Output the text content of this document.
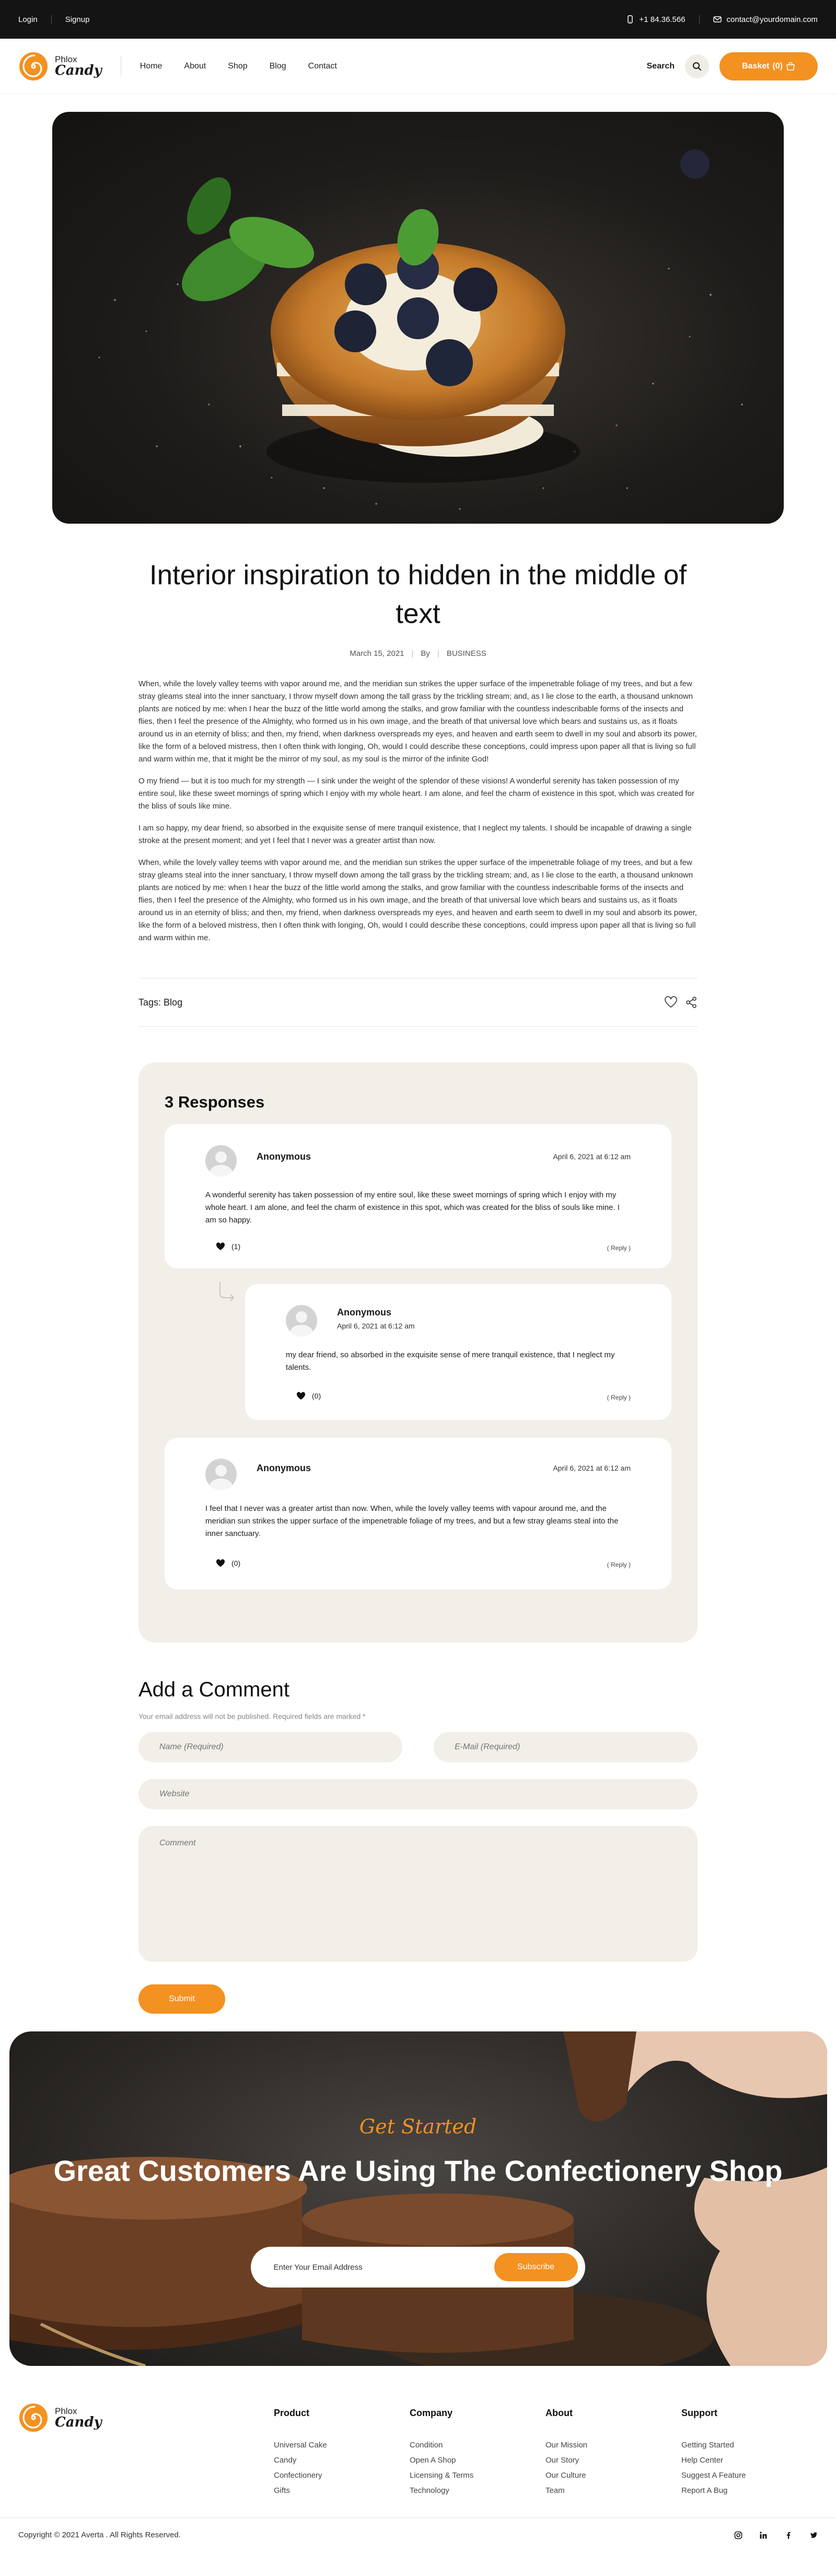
Login	Signup	+1 84.36.566	contact@yourdomain.com
Phlox
Candy	Home	About	Shop	Blog	Contact	Search	Basket (0)
Interior inspiration to hidden in the middle of text
March 15, 2021 | By | BUSINESS

When, while the lovely valley teems with vapor around me, and the meridian sun strikes the upper surface of the impenetrable foliage of my trees, and but a few stray gleams steal into the inner sanctuary, I throw myself down among the tall grass by the trickling stream; and, as I lie close to the earth, a thousand unknown plants are noticed by me: when I hear the buzz of the little world among the stalks, and grow familiar with the countless indescribable forms of the insects and flies, then I feel the presence of the Almighty, who formed us in his own image, and the breath of that universal love which bears and sustains us, as it floats around us in an eternity of bliss; and then, my friend, when darkness overspreads my eyes, and heaven and earth seem to dwell in my soul and absorb its power, like the form of a beloved mistress, then I often think with longing, Oh, would I could describe these conceptions, could impress upon paper all that is living so full and warm within me, that it might be the mirror of my soul, as my soul is the mirror of the infinite God!

O my friend — but it is too much for my strength — I sink under the weight of the splendor of these visions! A wonderful serenity has taken possession of my entire soul, like these sweet mornings of spring which I enjoy with my whole heart. I am alone, and feel the charm of existence in this spot, which was created for the bliss of souls like mine.

I am so happy, my dear friend, so absorbed in the exquisite sense of mere tranquil existence, that I neglect my talents. I should be incapable of drawing a single stroke at the present moment; and yet I feel that I never was a greater artist than now.

When, while the lovely valley teems with vapor around me, and the meridian sun strikes the upper surface of the impenetrable foliage of my trees, and but a few stray gleams steal into the inner sanctuary, I throw myself down among the tall grass by the trickling stream; and, as I lie close to the earth, a thousand unknown plants are noticed by me: when I hear the buzz of the little world among the stalks, and grow familiar with the countless indescribable forms of the insects and flies, then I feel the presence of the Almighty, who formed us in his own image, and the breath of that universal love which bears and sustains us, as it floats around us in an eternity of bliss; and then, my friend, when darkness overspreads my eyes, and heaven and earth seem to dwell in my soul and absorb its power, like the form of a beloved mistress, then I often think with longing, Oh, would I could describe these conceptions, could impress upon paper all that is living so full and warm within me.

Tags: Blog
3 Responses
Anonymous	April 6, 2021 at 6:12 am
A wonderful serenity has taken possession of my entire soul, like these sweet mornings of spring which I enjoy with my whole heart. I am alone, and feel the charm of existence in this spot, which was created for the bliss of souls like mine. I am so happy.
(1)	( Reply )
Anonymous
April 6, 2021 at 6:12 am
my dear friend, so absorbed in the exquisite sense of mere tranquil existence, that I neglect my talents.
(0)	( Reply )
Anonymous	April 6, 2021 at 6:12 am
I feel that I never was a greater artist than now. When, while the lovely valley teems with vapour around me, and the meridian sun strikes the upper surface of the impenetrable foliage of my trees, and but a few stray gleams steal into the inner sanctuary.
(0)	( Reply )
Add a Comment
Your email address will not be published. Required fields are marked *
Name (Required)
E-Mail (Required)
Website Comment Submit
Get Started
Great Customers Are Using The Confectionery Shop
Enter Your Email Address	Subscribe
Phlox
Candy
Product
Universal Cake
Candy
Confectionery
Gifts
Company
Condition
Open A Shop
Licensing & Terms
Technology
About
Our Mission
Our Story
Our Culture
Team
Support
Getting Started
Help Center
Suggest A Feature
Report A Bug
Copyright © 2021 Averta . All Rights Reserved.
